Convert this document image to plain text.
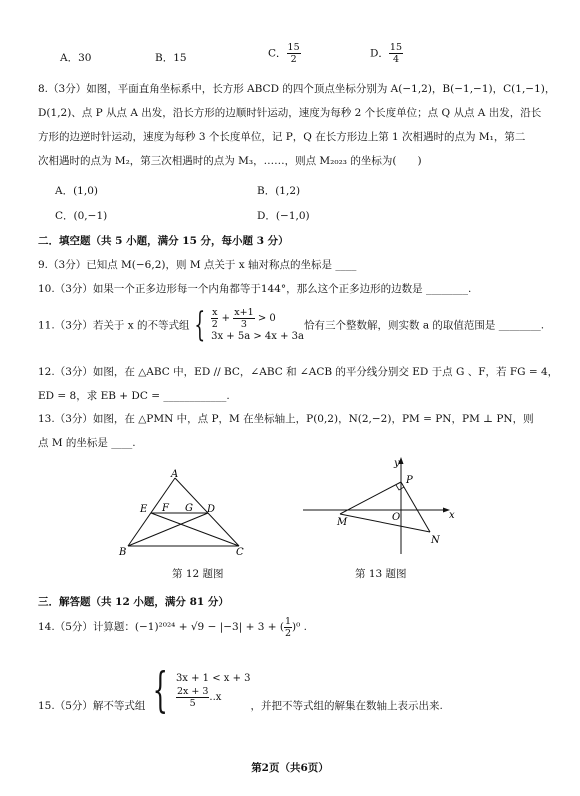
A．30	B．15	C． $\frac{15}{2}$	D． $\frac{15}{4}$
8.（3分）如图，平面直角坐标系中，长方形 ABCD 的四个顶点坐标分别为 A(−1,2)，B(−1,−1)，C(1,−1)，
D(1,2)、点 P 从点 A 出发，沿长方形的边顺时针运动，速度为每秒 2 个长度单位；点 Q 从点 A 出发，沿长
方形的边逆时针运动，速度为每秒 3 个长度单位，记 P，Q 在长方形边上第 1 次相遇时的点为 M₁，第二
次相遇时的点为 M₂，第三次相遇时的点为 M₃，……，则点 M₂₀₂₃ 的坐标为(　　)
A．(1,0)	B．(1,2)
C．(0,−1)	D．(−1,0)
二．填空题（共 5 小题，满分 15 分，每小题 3 分）
9.（3分）已知点 M(−6,2)，则 M 点关于 x 轴对称点的坐标是 ____
10.（3分）如果一个正多边形每一个内角都等于144°，那么这个正多边形的边数是 ________.
11.（3分）若关于 x 的不等式组 { $\frac{x}{2} + \frac{x+1}{3} > 0$
3x + 5a > 4x + 3a
恰有三个整数解，则实数 a 的取值范围是 ________.
12.（3分）如图，在 △ABC 中，ED // BC，∠ABC 和 ∠ACB 的平分线分别交 ED 于点 G 、F，若 FG = 4，
ED = 8，求 EB + DC = ____________.
13.（3分）如图，在 △PMN 中，点 P，M 在坐标轴上，P(0,2)，N(2,−2)，PM = PN，PM ⊥ PN，则
点 M 的坐标是 ____.
A
E F G D
B	C
第 12 题图
y
x
P
M	O
N
第 13 题图
三．解答题（共 12 小题，满分 81 分）
14.（5分）计算题：(−1)²⁰²⁴ + √9 − |−3| + 3 + ( $\frac{1}{2} )^0$ .
15.（5分）解不等式组 { 3x + 1 < x + 3
$\frac{2x + 3}{5} ..x$
，并把不等式组的解集在数轴上表示出来.
第2页（共6页）
